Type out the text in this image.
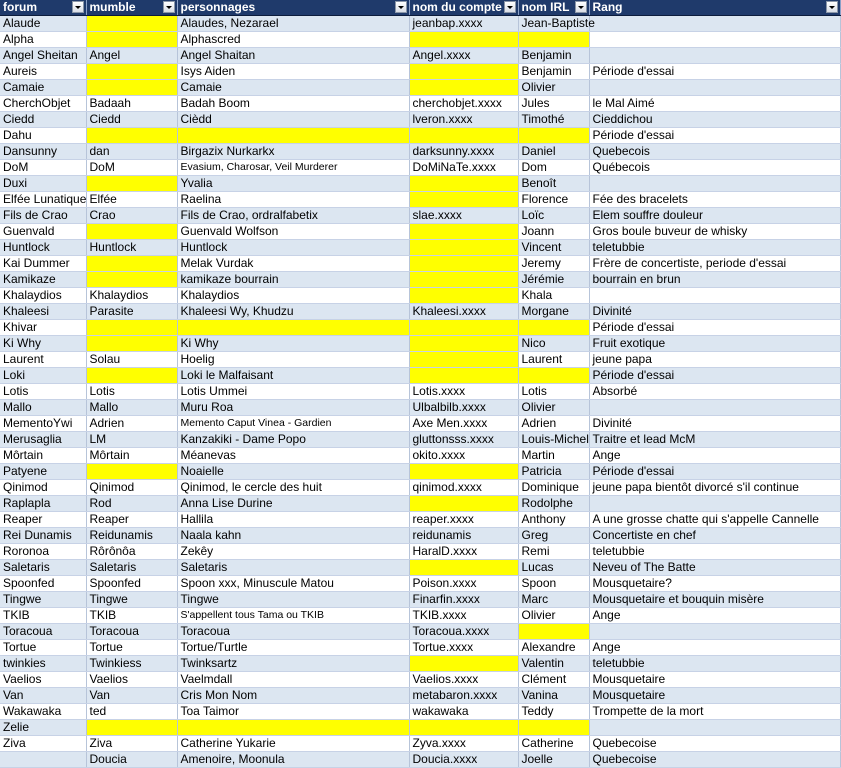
forum	mumble	personnages	nom du compte	nom IRL	Rang

Alaude		Alaudes, Nezarael	jeanbap.xxxx	Jean-Baptiste	
Alpha		Alphascred			
Angel Sheitan	Angel	Angel Shaitan	Angel.xxxx	Benjamin	
Aureis		Isys Aiden		Benjamin	Période d'essai
Camaie		Camaie		Olivier	
CherchObjet	Badaah	Badah Boom	cherchobjet.xxxx	Jules	le Mal Aimé
Ciedd	Ciedd	Cièdd	lveron.xxxx	Timothé	Cieddichou
Dahu					Période d'essai
Dansunny	dan	Birgazix Nurkarkx	darksunny.xxxx	Daniel	Quebecois
DoM	DoM	Evasium, Charosar, Veil Murderer	DoMiNaTe.xxxx	Dom	Québecois
Duxi		Yvalia		Benoît	
Elfée Lunatique	Elfée	Raelina		Florence	Fée des bracelets
Fils de Crao	Crao	Fils de Crao, ordralfabetix	slae.xxxx	Loïc	Elem souffre douleur
Guenvald		Guenvald Wolfson		Joann	Gros boule buveur de whisky
Huntlock	Huntlock	Huntlock		Vincent	teletubbie
Kai Dummer		Melak Vurdak		Jeremy	Frère de concertiste, periode d'essai
Kamikaze		kamikaze bourrain		Jérémie	bourrain en brun
Khalaydios	Khalaydios	Khalaydios		Khala	
Khaleesi	Parasite	Khaleesi Wy, Khudzu	Khaleesi.xxxx	Morgane	Divinité
Khivar					Période d'essai
Ki Why		Ki Why		Nico	Fruit exotique
Laurent	Solau	Hoelig		Laurent	jeune papa
Loki		Loki le Malfaisant			Période d'essai
Lotis	Lotis	Lotis Ummei	Lotis.xxxx	Lotis	Absorbé
Mallo	Mallo	Muru Roa	Ulbalbilb.xxxx	Olivier	
MementoYwi	Adrien	Memento Caput Vinea - Gardien	Axe Men.xxxx	Adrien	Divinité
Merusaglia	LM	Kanzakiki - Dame Popo	gluttonsss.xxxx	Louis-Michel	Traitre et lead McM
Môrtain	Môrtain	Méanevas	okito.xxxx	Martin	Ange
Patyene		Noaielle		Patricia	Période d'essai
Qinimod	Qinimod	Qinimod, le cercle des huit	qinimod.xxxx	Dominique	jeune papa bientôt divorcé s'il continue
Raplapla	Rod	Anna Lise Durine		Rodolphe	
Reaper	Reaper	Hallila	reaper.xxxx	Anthony	A une grosse chatte qui s'appelle Cannelle
Rei Dunamis	Reidunamis	Naala kahn	reidunamis	Greg	Concertiste en chef
Roronoa	Rôrônôa	Zekêy	HaralD.xxxx	Remi	teletubbie
Saletaris	Saletaris	Saletaris		Lucas	Neveu of The Batte
Spoonfed	Spoonfed	Spoon xxx, Minuscule Matou	Poison.xxxx	Spoon	Mousquetaire?
Tingwe	Tingwe	Tingwe	Finarfin.xxxx	Marc	Mousquetaire et bouquin misère
TKIB	TKIB	S'appellent tous Tama ou TKIB	TKIB.xxxx	Olivier	Ange
Toracoua	Toracoua	Toracoua	Toracoua.xxxx		
Tortue	Tortue	Tortue/Turtle	Tortue.xxxx	Alexandre	Ange
twinkies	Twinkiess	Twinksartz		Valentin	teletubbie
Vaelios	Vaelios	Vaelmdall	Vaelios.xxxx	Clément	Mousquetaire
Van	Van	Cris Mon Nom	metabaron.xxxx	Vanina	Mousquetaire
Wakawaka	ted	Toa Taimor	wakawaka	Teddy	Trompette de la mort
Zelie					
Ziva	Ziva	Catherine Yukarie	Zyva.xxxx	Catherine	Quebecoise
	Doucia	Amenoire, Moonula	Doucia.xxxx	Joelle	Quebecoise
